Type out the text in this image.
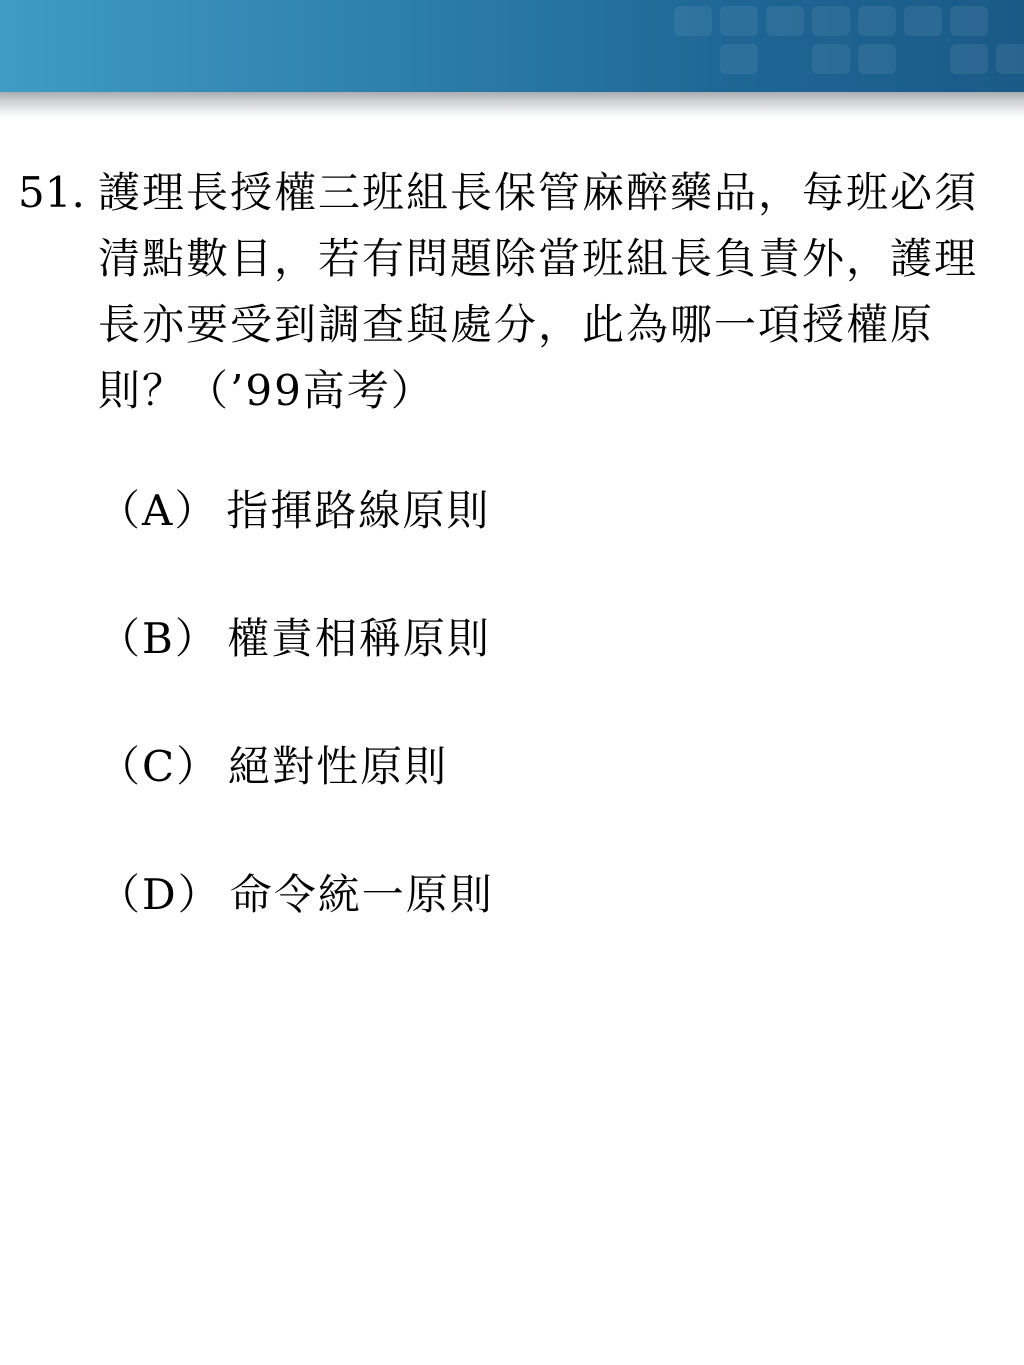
51. 護理長授權三班組長保管麻醉藥品，每班必須清點數目，若有問題除當班組長負責外，護理長亦要受到調查與處分，此為哪一項授權原則？（’99高考）
（A） 指揮路線原則
（B） 權責相稱原則
（C） 絕對性原則
（D） 命令統一原則
